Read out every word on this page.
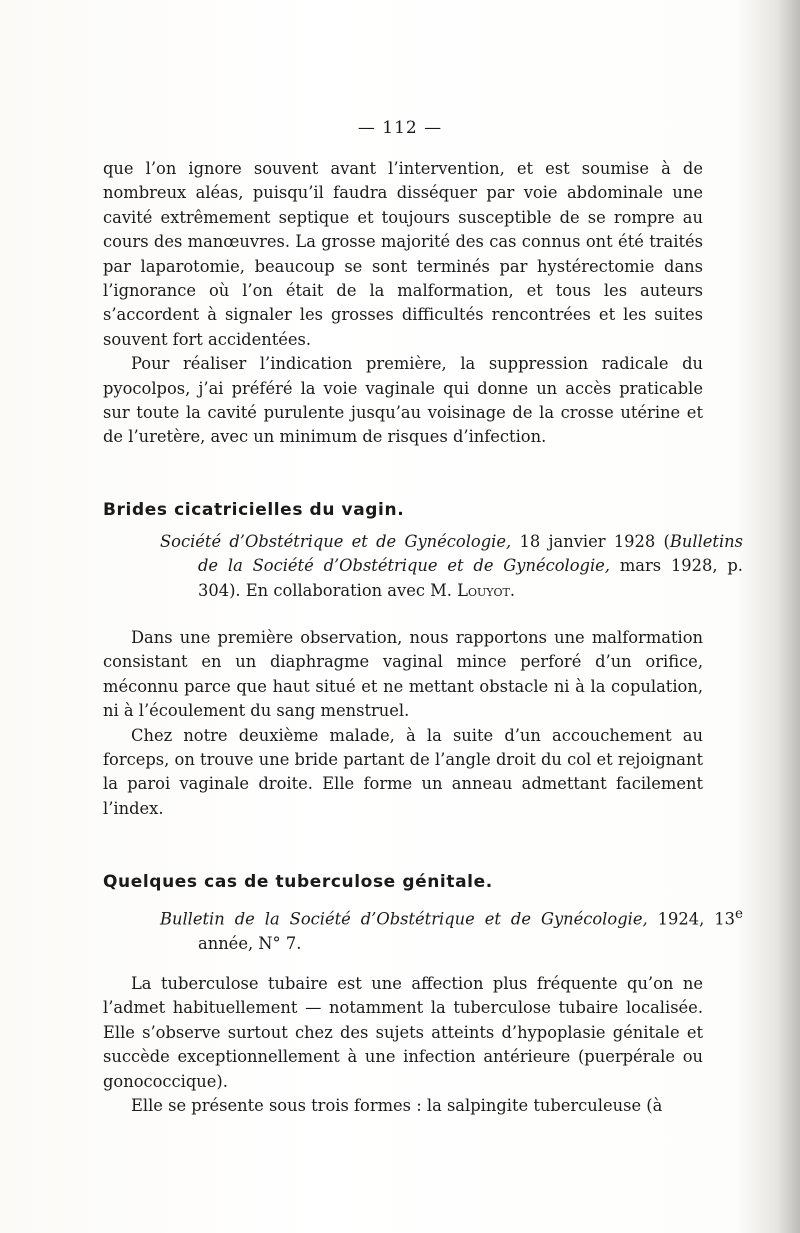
— 112 —

que l’on ignore souvent avant l’intervention, et est soumise à de nombreux aléas, puisqu’il faudra disséquer par voie abdominale une cavité extrêmement septique et toujours susceptible de se rompre au cours des manœuvres. La grosse majorité des cas connus ont été traités par laparotomie, beaucoup se sont terminés par hystérectomie dans l’ignorance où l’on était de la malformation, et tous les auteurs s’accordent à signaler les grosses difficultés rencontrées et les suites souvent fort accidentées.

Pour réaliser l’indication première, la suppression radicale du pyocolpos, j’ai préféré la voie vaginale qui donne un accès praticable sur toute la cavité purulente jusqu’au voisinage de la crosse utérine et de l’uretère, avec un minimum de risques d’infection.

Brides cicatricielles du vagin.
Société d’Obstétrique et de Gynécologie, 18 janvier 1928 (Bulletins de la Société d’Obstétrique et de Gynécologie, mars 1928, p. 304). En collaboration avec M. Louyot.

Dans une première observation, nous rapportons une malformation consistant en un diaphragme vaginal mince perforé d’un orifice, méconnu parce que haut situé et ne mettant obstacle ni à la copulation, ni à l’écoulement du sang menstruel.

Chez notre deuxième malade, à la suite d’un accouchement au forceps, on trouve une bride partant de l’angle droit du col et rejoignant la paroi vaginale droite. Elle forme un anneau admettant facilement l’index.

Quelques cas de tuberculose génitale.
Bulletin de la Société d’Obstétrique et de Gynécologie, 1924, 13e année, N° 7.

La tuberculose tubaire est une affection plus fréquente qu’on ne l’admet habituellement — notamment la tuberculose tubaire localisée. Elle s’observe surtout chez des sujets atteints d’hypoplasie génitale et succède exceptionnellement à une infection antérieure (puerpérale ou gonococcique).

Elle se présente sous trois formes : la salpingite tuberculeuse (à
